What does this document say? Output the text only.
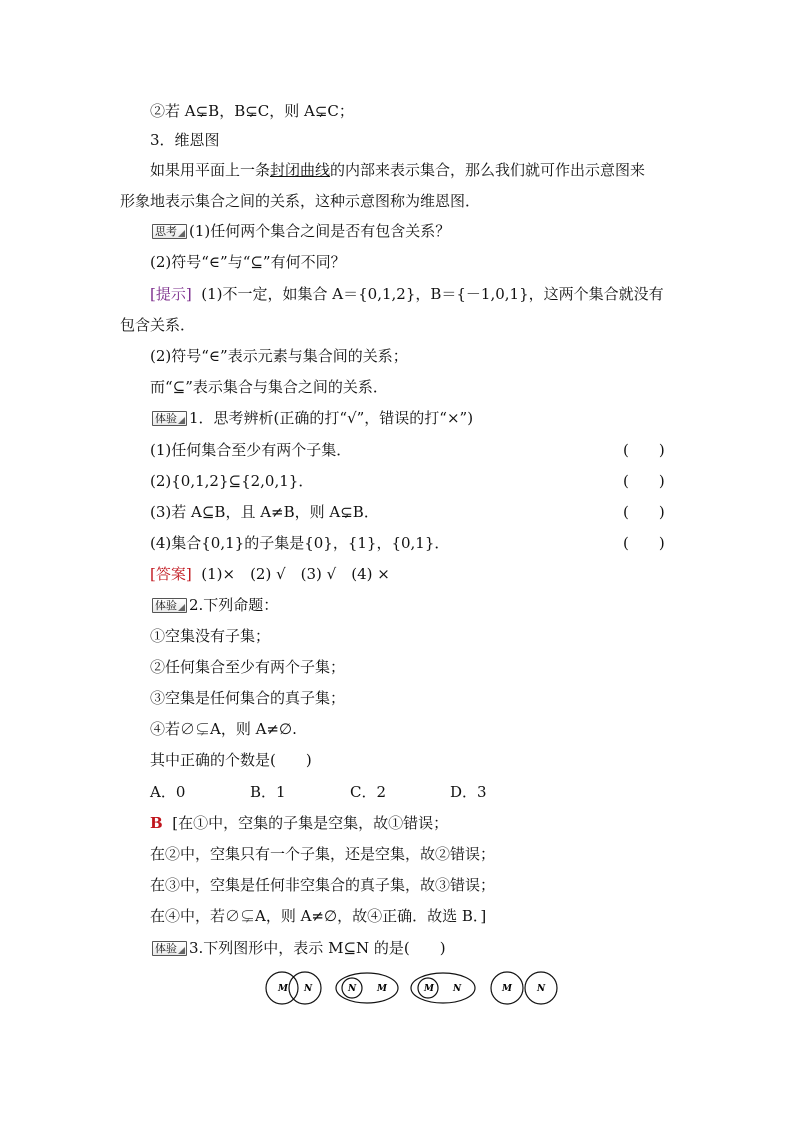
②若 A⊊B，B⊊C，则 A⊊C；
3．维恩图
如果用平面上一条封闭曲线的内部来表示集合，那么我们就可作出示意图来
形象地表示集合之间的关系，这种示意图称为维恩图．
思考 (1)任何两个集合之间是否有包含关系？
(2)符号“∈”与“⊆”有何不同？
[提示] (1)不一定，如集合 A＝{0,1,2}，B＝{－1,0,1}，这两个集合就没有
包含关系．
(2)符号“∈”表示元素与集合间的关系；
而“⊆”表示集合与集合之间的关系．
体验 1．思考辨析(正确的打“√”，错误的打“×”)
(1)任何集合至少有两个子集．	(　　)
(2){0,1,2}⊆{2,0,1}．	(　　)
(3)若 A⊆B，且 A≠B，则 A⊊B．	(　　)
(4)集合{0,1}的子集是{0}，{1}，{0,1}．	(　　)
[答案] (1)×　(2) √　(3) √　(4) ×
体验 2.下列命题：
①空集没有子集；
②任何集合至少有两个子集；
③空集是任何集合的真子集；
④若∅⊊A，则 A≠∅.
其中正确的个数是(　　)
A．0	B．1	C．2	D．3
B [在①中，空集的子集是空集，故①错误；
在②中，空集只有一个子集，还是空集，故②错误；
在③中，空集是任何非空集合的真子集，故③错误；
在④中，若∅⊊A，则 A≠∅，故④正确．故选 B．]
体验 3.下列图形中，表示 M⊆N 的是(　　)
M N	N M	M N	M	N
